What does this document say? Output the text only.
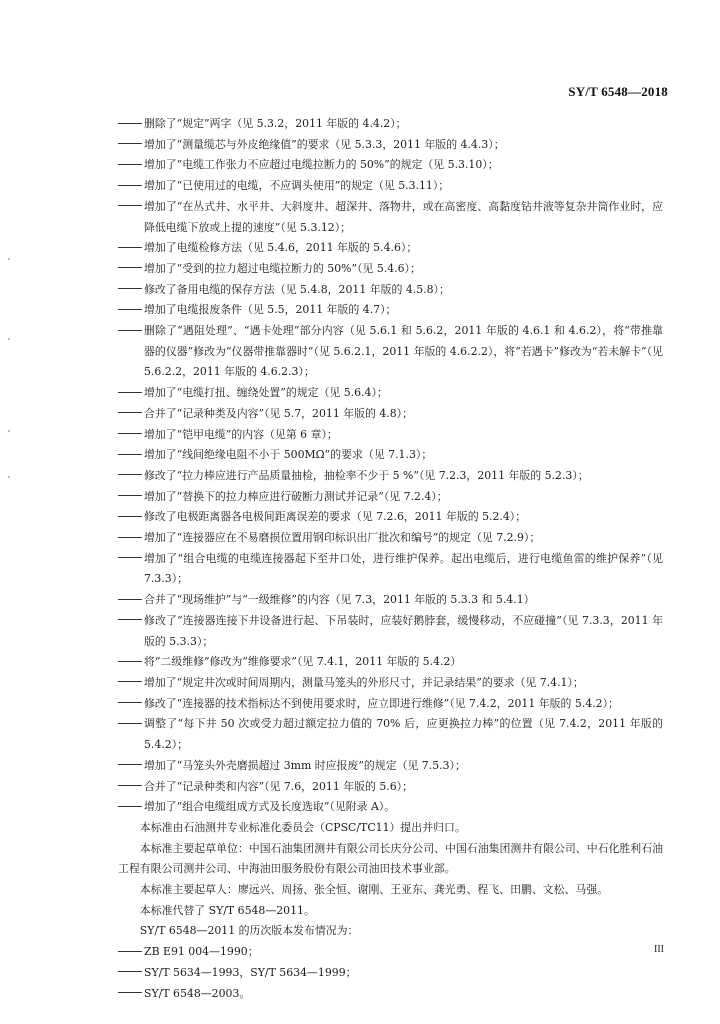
SY/T 6548—2018
删除了“规定”两字（见 5.3.2，2011 年版的 4.4.2）；
增加了“测量缆芯与外皮绝缘值”的要求（见 5.3.3，2011 年版的 4.4.3）；
增加了“电缆工作张力不应超过电缆拉断力的 50%”的规定（见 5.3.10）；
增加了“已使用过的电缆，不应调头使用”的规定（见 5.3.11）；
增加了“在丛式井、水平井、大斜度井、超深井、落物井，或在高密度、高黏度钻井液等复杂井筒作业时，应降低电缆下放或上提的速度”（见 5.3.12）；
增加了电缆检修方法（见 5.4.6，2011 年版的 5.4.6）；
增加了“受到的拉力超过电缆拉断力的 50%”（见 5.4.6）；
修改了备用电缆的保存方法（见 5.4.8，2011 年版的 4.5.8）；
增加了电缆报废条件（见 5.5，2011 年版的 4.7）；
删除了“遇阻处理”、“遇卡处理”部分内容（见 5.6.1 和 5.6.2，2011 年版的 4.6.1 和 4.6.2），将“带推靠器的仪器”修改为“仪器带推靠器时”（见 5.6.2.1，2011 年版的 4.6.2.2），将“若遇卡”修改为“若未解卡”（见 5.6.2.2，2011 年版的 4.6.2.3）；
增加了“电缆打扭、缠绕处置”的规定（见 5.6.4）；
合并了“记录种类及内容”（见 5.7，2011 年版的 4.8）；
增加了“铠甲电缆”的内容（见第 6 章）；
增加了“线间绝缘电阻不小于 500MΩ”的要求（见 7.1.3）；
修改了“拉力棒应进行产品质量抽检，抽检率不少于 5 %”（见 7.2.3，2011 年版的 5.2.3）；
增加了“替换下的拉力棒应进行破断力测试并记录”（见 7.2.4）；
修改了电极距离器各电极间距离误差的要求（见 7.2.6，2011 年版的 5.2.4）；
增加了“连接器应在不易磨损位置用钢印标识出厂批次和编号”的规定（见 7.2.9）；
增加了“组合电缆的电缆连接器起下至井口处，进行维护保养。起出电缆后，进行电缆鱼雷的维护保养”（见 7.3.3）；
合并了“现场维护”与“一级维修”的内容（见 7.3，2011 年版的 5.3.3 和 5.4.1）
修改了“连接器连接下井设备进行起、下吊装时，应装好鹅脖套，缓慢移动，不应碰撞”（见 7.3.3，2011 年版的 5.3.3）；
将“二级维修”修改为“维修要求”（见 7.4.1，2011 年版的 5.4.2）
增加了“规定井次或时间周期内，测量马笼头的外形尺寸，并记录结果”的要求（见 7.4.1）；
修改了“连接器的技术指标达不到使用要求时，应立即进行维修”（见 7.4.2，2011 年版的 5.4.2）；
调整了“每下井 50 次或受力超过额定拉力值的 70% 后，应更换拉力棒”的位置（见 7.4.2，2011 年版的 5.4.2）；
增加了“马笼头外壳磨损超过 3mm 时应报废”的规定（见 7.5.3）；
合并了“记录种类和内容”（见 7.6，2011 年版的 5.6）；
增加了“组合电缆组成方式及长度选取”（见附录 A）。

本标准由石油测井专业标准化委员会（CPSC/TC11）提出并归口。

本标准主要起草单位：中国石油集团测井有限公司长庆分公司、中国石油集团测井有限公司、中石化胜利石油工程有限公司测井公司、中海油田服务股份有限公司油田技术事业部。

本标准主要起草人：廖远兴、周扬、张全恒、谢刚、王亚东、龚光勇、程飞、田鹏、文松、马强。

本标准代替了 SY/T 6548—2011。

SY/T 6548—2011 的历次版本发布情况为：

ZB E91 004—1990；
SY/T 5634—1993，SY/T 5634—1999；
SY/T 6548—2003。
III
